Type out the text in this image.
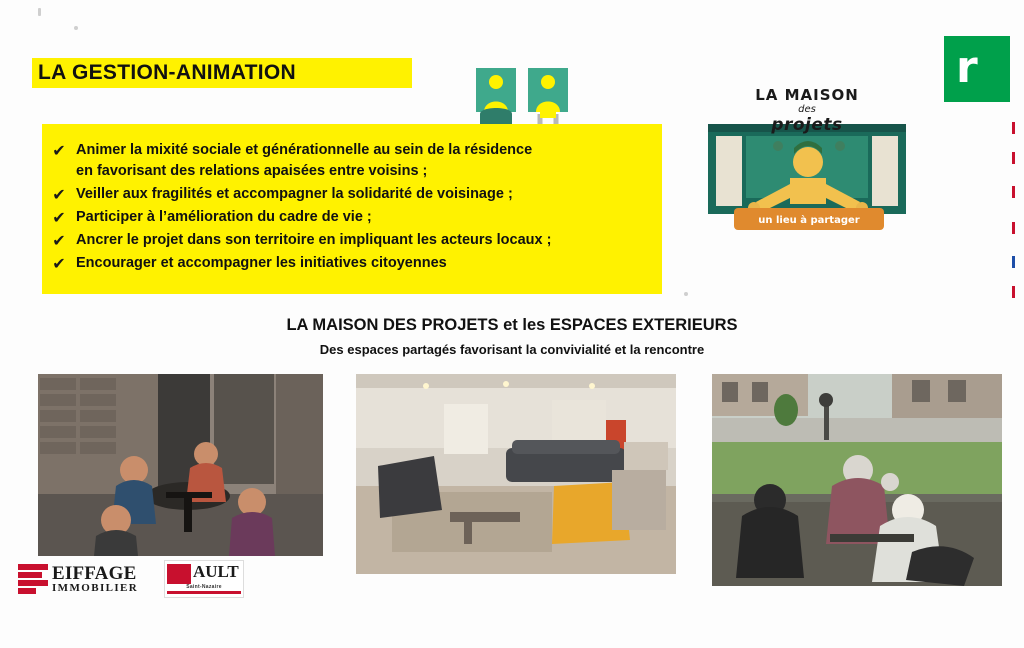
LA GESTION-ANIMATION
un lieu à partager
LA MAISON
des
projets
r
✔ Animer la mixité sociale et générationnelle au sein de la résidence
en favorisant des relations apaisées entre voisins ;
✔ Veiller aux fragilités et accompagner la solidarité de voisinage ;
✔ Participer à l’amélioration du cadre de vie ;
✔ Ancrer le projet dans son territoire en impliquant les acteurs locaux ;
✔ Encourager et accompagner les initiatives citoyennes
LA MAISON DES PROJETS et les ESPACES EXTERIEURS
Des espaces partagés favorisant la convivialité et la rencontre
EIFFAGE
IMMOBILIER
AULT
Saint-Nazaire
